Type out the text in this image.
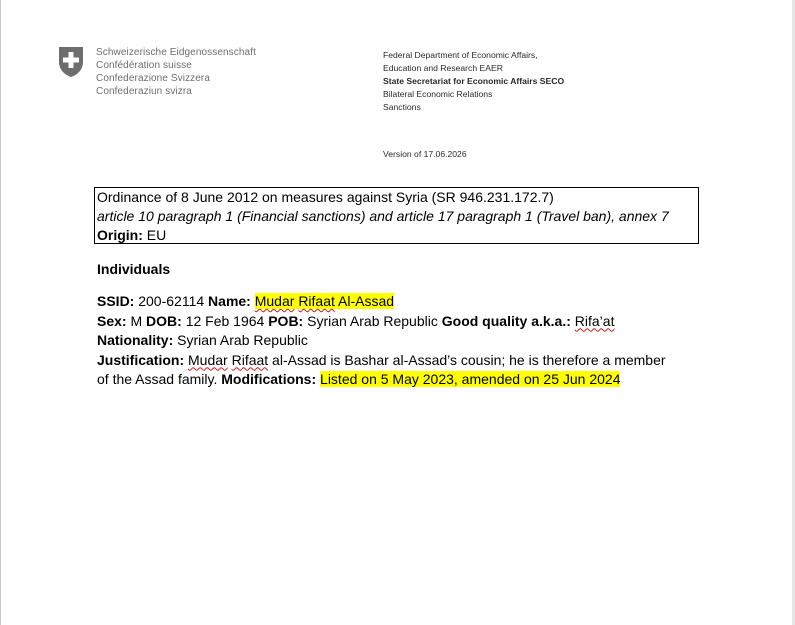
Schweizerische Eidgenossenschaft
Confédération suisse
Confederazione Svizzera
Confederaziun svizra
Federal Department of Economic Affairs,
Education and Research EAER
State Secretariat for Economic Affairs SECO
Bilateral Economic Relations
Sanctions
Version of 17.06.2026
Ordinance of 8 June 2012 on measures against Syria (SR 946.231.172.7)
article 10 paragraph 1 (Financial sanctions) and article 17 paragraph 1 (Travel ban), annex 7
Origin: EU
Individuals
SSID: 200-62114 Name: Mudar Rifaat Al-Assad
Sex: M DOB: 12 Feb 1964 POB: Syrian Arab Republic Good quality a.k.a.: Rifa’at
Nationality: Syrian Arab Republic
Justification: Mudar Rifaat al-Assad is Bashar al-Assad’s cousin; he is therefore a member
of the Assad family. Modifications: Listed on 5 May 2023, amended on 25 Jun 2024
